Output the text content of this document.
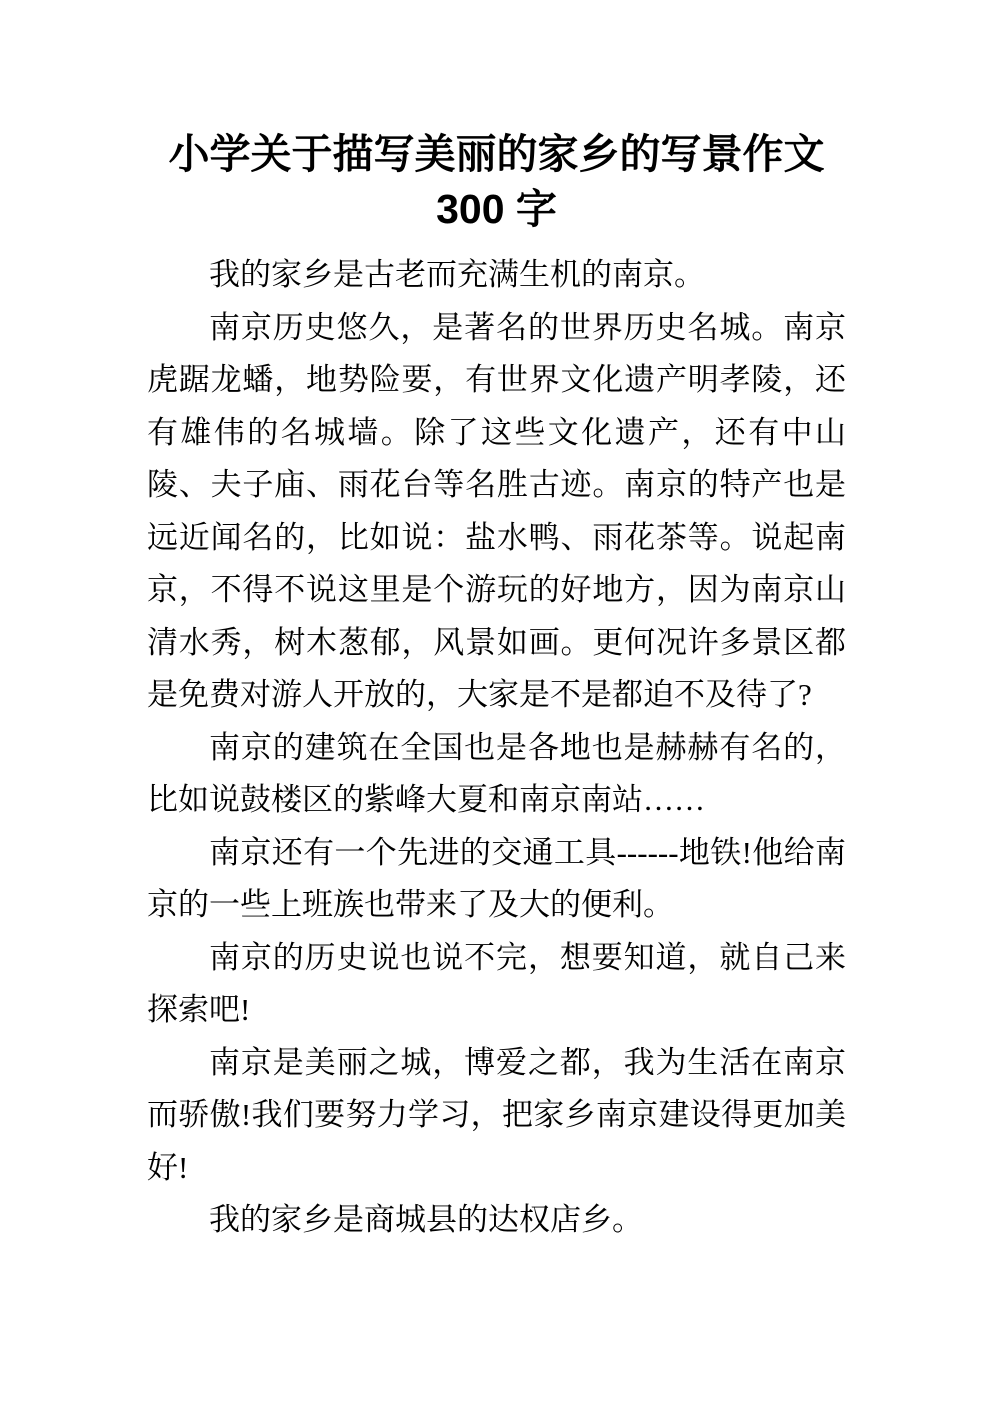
小学关于描写美丽的家乡的写景作文
300 字

我的家乡是古老而充满生机的南京。

南京历史悠久，是著名的世界历史名城。南京虎踞龙蟠，地势险要，有世界文化遗产明孝陵，还有雄伟的名城墙。除了这些文化遗产，还有中山陵、夫子庙、雨花台等名胜古迹。南京的特产也是远近闻名的，比如说：盐水鸭、雨花茶等。说起南京，不得不说这里是个游玩的好地方，因为南京山清水秀，树木葱郁，风景如画。更何况许多景区都是免费对游人开放的，大家是不是都迫不及待了?

南京的建筑在全国也是各地也是赫赫有名的，比如说鼓楼区的紫峰大夏和南京南站……

南京还有一个先进的交通工具------地铁!他给南京的一些上班族也带来了及大的便利。

南京的历史说也说不完，想要知道，就自己来探索吧!

南京是美丽之城，博爱之都，我为生活在南京而骄傲!我们要努力学习，把家乡南京建设得更加美好!

我的家乡是商城县的达权店乡。
